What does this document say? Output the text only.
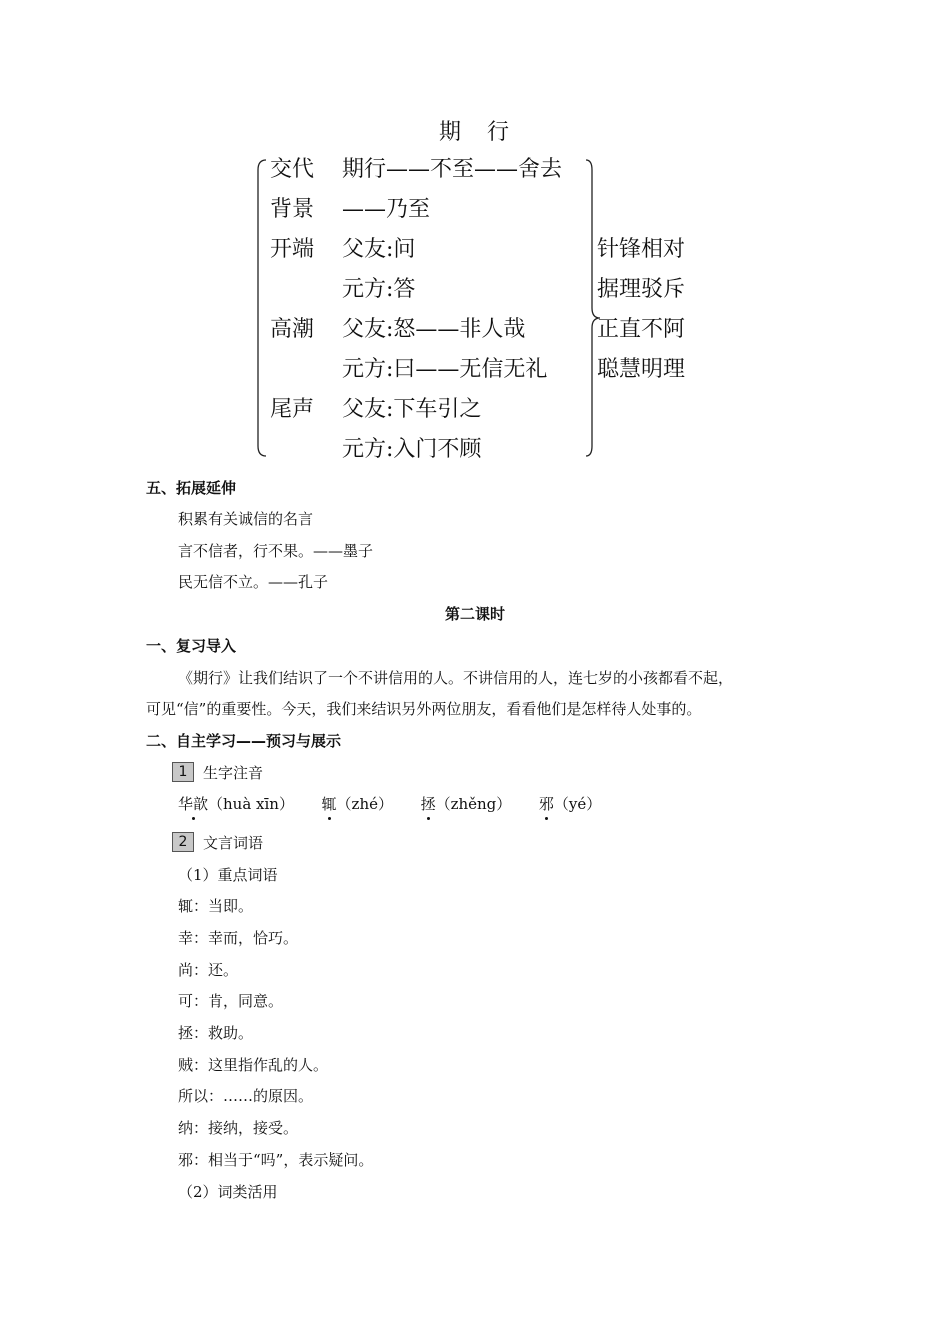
期　行
交代 期行——不至——舍去
背景 ——乃至
开端 父友:问
元方:答
高潮 父友:怒——非人哉
元方:曰——无信无礼
尾声 父友:下车引之
元方:入门不顾
针锋相对
据理驳斥
正直不阿
聪慧明理
五、拓展延伸
积累有关诚信的名言
言不信者，行不果。——墨子
民无信不立。——孔子
第二课时
一、复习导入
《期行》让我们结识了一个不讲信用的人。不讲信用的人，连七岁的小孩都看不起，
可见“信”的重要性。今天，我们来结识另外两位朋友，看看他们是怎样待人处事的。
二、自主学习——预习与展示
1	生字注音
华歆（huà xīn） 辄（zhé） 拯（zhěng） 邪（yé）
2	文言词语
（1）重点词语
辄：当即。
幸：幸而，恰巧。
尚：还。
可：肯，同意。
拯：救助。
贼：这里指作乱的人。
所以：……的原因。
纳：接纳，接受。
邪：相当于“吗”，表示疑问。
（2）词类活用
